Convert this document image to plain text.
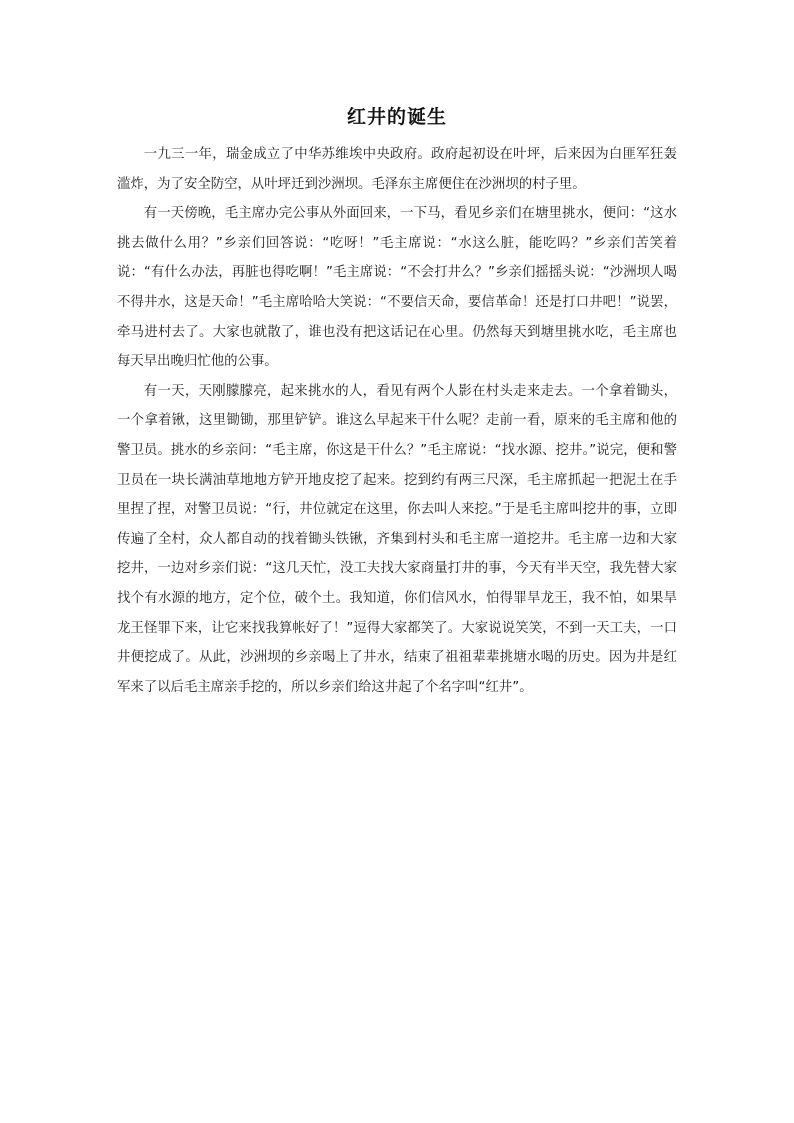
红井的诞生

一九三一年，瑞金成立了中华苏维埃中央政府。政府起初设在叶坪，后来因为白匪军狂轰滥炸，为了安全防空，从叶坪迁到沙洲坝。毛泽东主席便住在沙洲坝的村子里。

有一天傍晚，毛主席办完公事从外面回来，一下马，看见乡亲们在塘里挑水，便问：“这水挑去做什么用？”乡亲们回答说：“吃呀！”毛主席说：“水这么脏，能吃吗？”乡亲们苦笑着说：“有什么办法，再脏也得吃啊！”毛主席说：“不会打井么？”乡亲们摇摇头说：“沙洲坝人喝不得井水，这是天命！”毛主席哈哈大笑说：“不要信天命，要信革命！还是打口井吧！”说罢，牵马进村去了。大家也就散了，谁也没有把这话记在心里。仍然每天到塘里挑水吃，毛主席也每天早出晚归忙他的公事。

有一天，天刚朦朦亮，起来挑水的人，看见有两个人影在村头走来走去。一个拿着锄头，一个拿着锹，这里锄锄，那里铲铲。谁这么早起来干什么呢？走前一看，原来的毛主席和他的警卫员。挑水的乡亲问：“毛主席，你这是干什么？”毛主席说：“找水源、挖井。”说完，便和警卫员在一块长满油草地地方铲开地皮挖了起来。挖到约有两三尺深，毛主席抓起一把泥土在手里捏了捏，对警卫员说：“行，井位就定在这里，你去叫人来挖。”于是毛主席叫挖井的事，立即传遍了全村，众人都自动的找着锄头铁锹，齐集到村头和毛主席一道挖井。毛主席一边和大家挖井，一边对乡亲们说：“这几天忙，没工夫找大家商量打井的事，今天有半天空，我先替大家找个有水源的地方，定个位，破个土。我知道，你们信风水，怕得罪旱龙王，我不怕，如果旱龙王怪罪下来，让它来找我算帐好了！”逗得大家都笑了。大家说说笑笑，不到一天工夫，一口井便挖成了。从此，沙洲坝的乡亲喝上了井水，结束了祖祖辈辈挑塘水喝的历史。因为井是红军来了以后毛主席亲手挖的，所以乡亲们给这井起了个名字叫“红井”。
